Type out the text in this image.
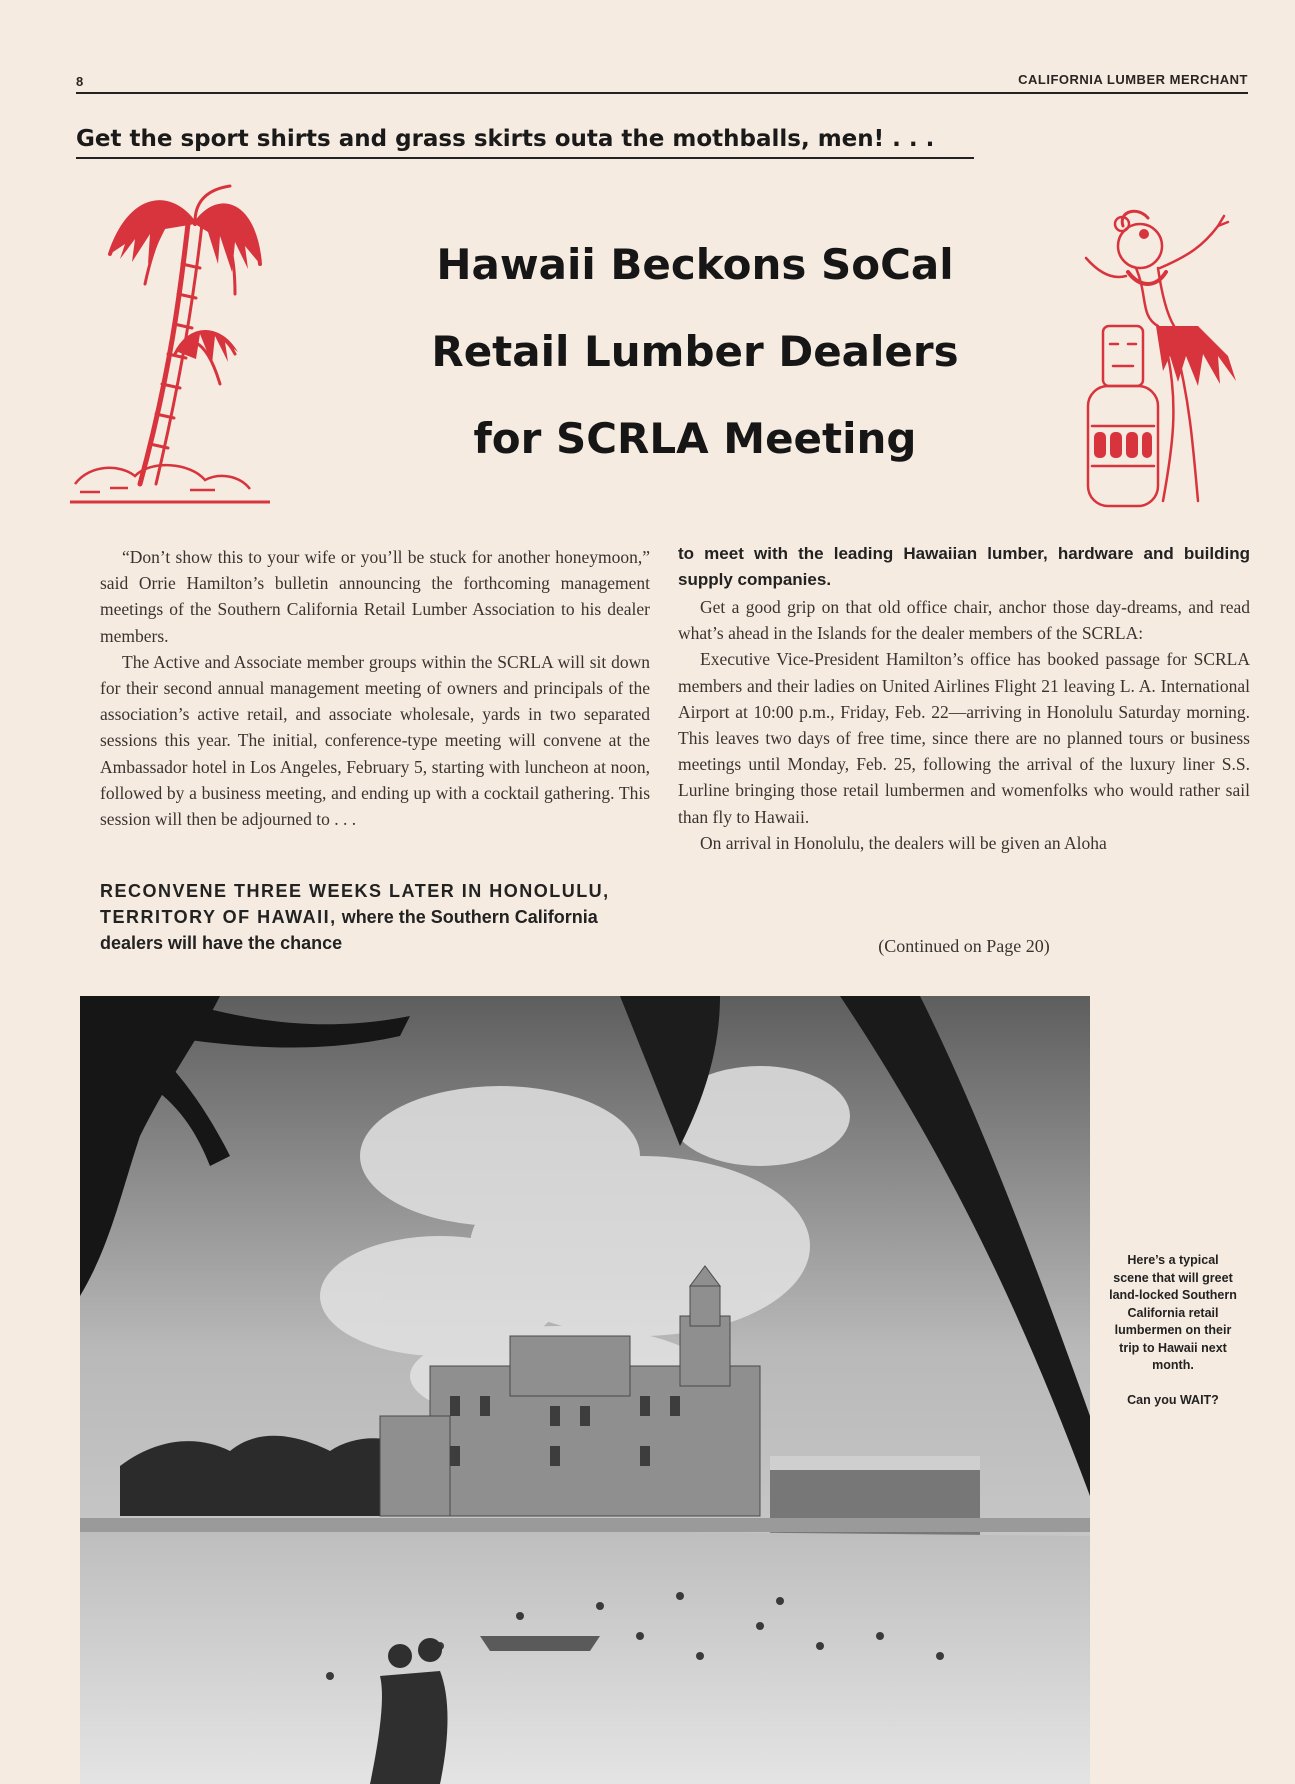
8	CALIFORNIA LUMBER MERCHANT
Get the sport shirts and grass skirts outa the mothballs, men! . . .
Hawaii Beckons SoCal
Retail Lumber Dealers
for SCRLA Meeting

“Don’t show this to your wife or you’ll be stuck for another honeymoon,” said Orrie Hamilton’s bulletin announcing the forthcoming management meetings of the Southern California Retail Lumber Association to his dealer members.

The Active and Associate member groups within the SCRLA will sit down for their second annual management meeting of owners and principals of the association’s active retail, and associate wholesale, yards in two separated sessions this year. The initial, conference-type meeting will convene at the Ambassador hotel in Los Angeles, February 5, starting with luncheon at noon, followed by a business meeting, and ending up with a cocktail gathering. This session will then be adjourned to . . .

RECONVENE THREE WEEKS LATER IN HONOLULU, TERRITORY OF HAWAII, where the Southern California dealers will have the chance
to meet with the leading Hawaiian lumber, hardware and building supply companies.

Get a good grip on that old office chair, anchor those day-dreams, and read what’s ahead in the Islands for the dealer members of the SCRLA:

Executive Vice-President Hamilton’s office has booked passage for SCRLA members and their ladies on United Airlines Flight 21 leaving L. A. International Airport at 10:00 p.m., Friday, Feb. 22—arriving in Honolulu Saturday morning. This leaves two days of free time, since there are no planned tours or business meetings until Monday, Feb. 25, following the arrival of the luxury liner S.S. Lurline bringing those retail lumbermen and womenfolks who would rather sail than fly to Hawaii.

On arrival in Honolulu, the dealers will be given an Aloha

(Continued on Page 20)

Here’s a typical scene that will greet land-locked Southern California retail lumbermen on their trip to Hawaii next month.

Can you WAIT?
